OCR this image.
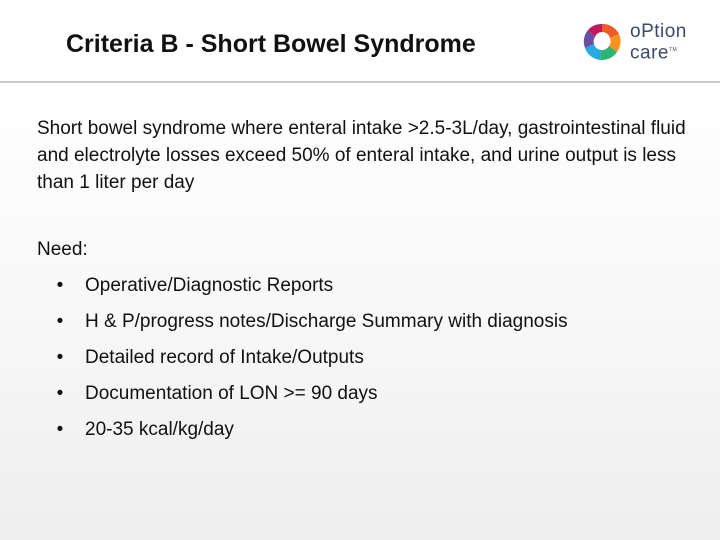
Criteria B - Short Bowel Syndrome	oPtion
care™

Short bowel syndrome where enteral intake >2.5-3L/day, gastrointestinal fluid and electrolyte losses exceed 50% of enteral intake, and urine output is less than 1 liter per day

Need:

• Operative/Diagnostic Reports
• H & P/progress notes/Discharge Summary with diagnosis
• Detailed record of Intake/Outputs
• Documentation of LON >= 90 days
• 20-35 kcal/kg/day
